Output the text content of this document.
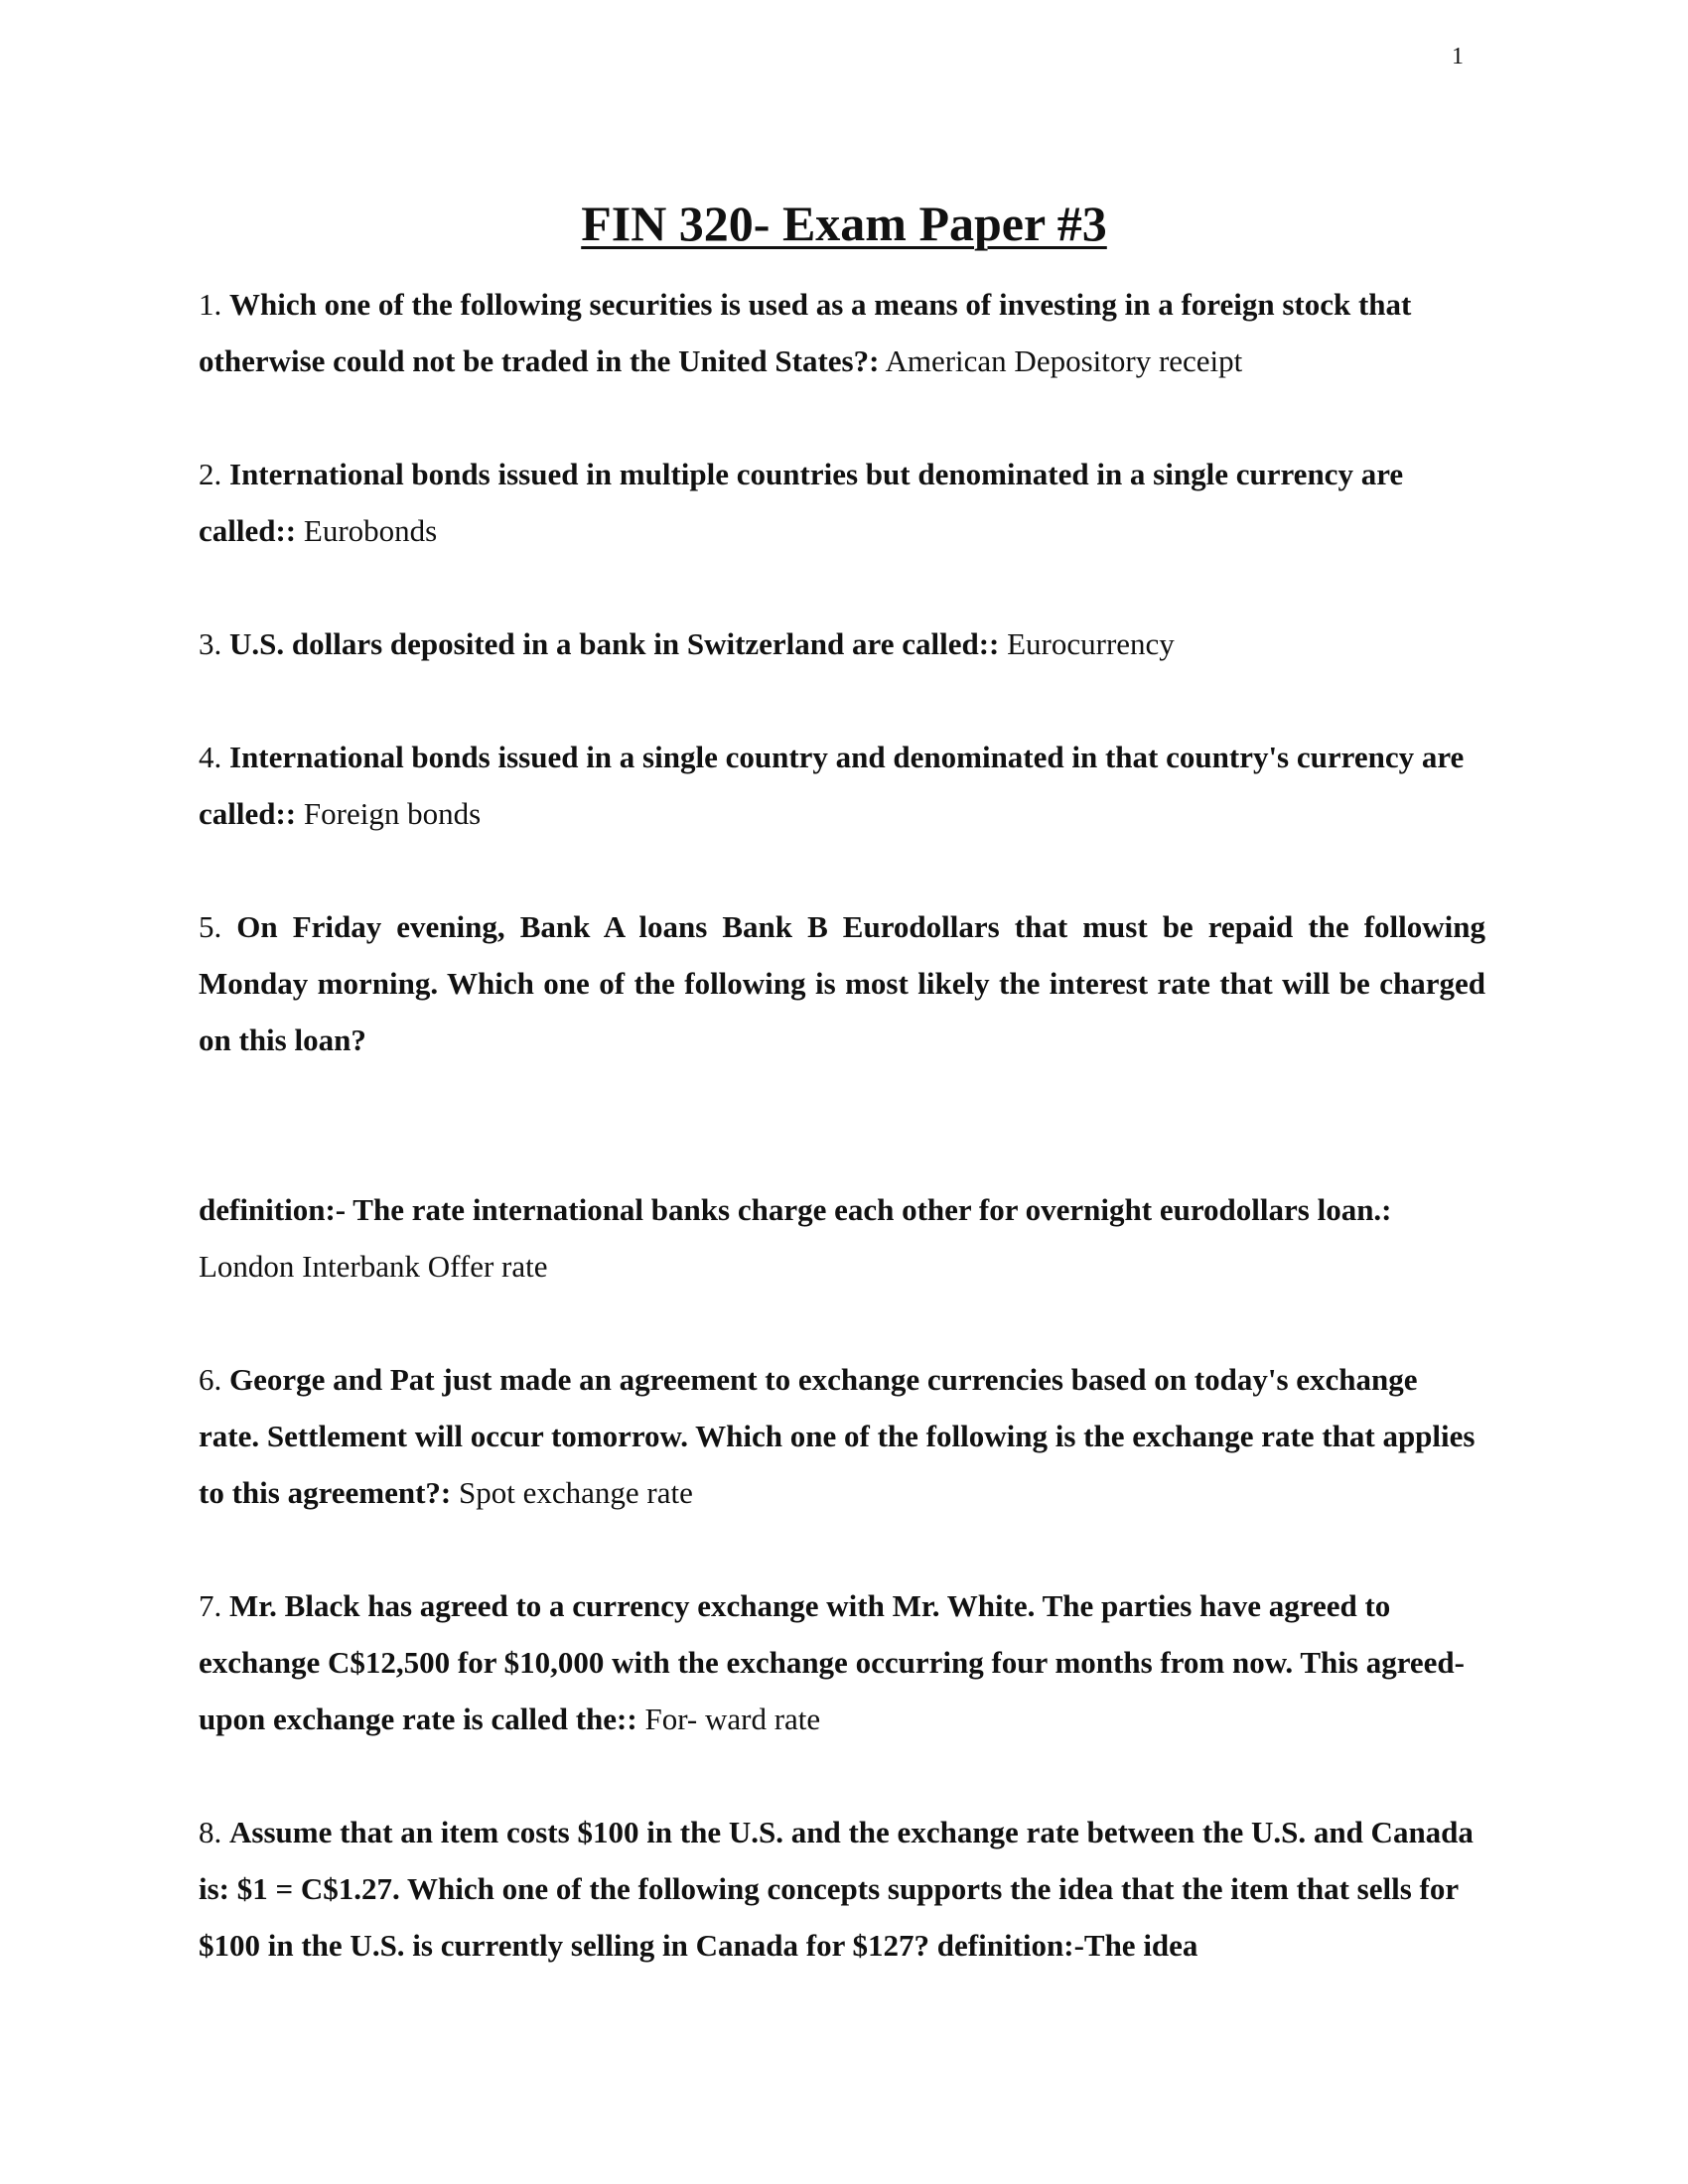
1
FIN 320- Exam Paper #3

1. Which one of the following securities is used as a means of investing in a foreign stock that otherwise could not be traded in the United States?: American Depository receipt

2. International bonds issued in multiple countries but denominated in a single currency are called:: Eurobonds

3. U.S. dollars deposited in a bank in Switzerland are called:: Eurocurrency

4. International bonds issued in a single country and denominated in that country's currency are called:: Foreign bonds

5. On Friday evening, Bank A loans Bank B Eurodollars that must be repaid the following Monday morning. Which one of the following is most likely the interest rate that will be charged on this loan?

definition:- The rate international banks charge each other for overnight eurodollars loan.: London Interbank Offer rate

6. George and Pat just made an agreement to exchange currencies based on today's exchange rate. Settlement will occur tomorrow. Which one of the following is the exchange rate that applies to this agreement?: Spot exchange rate

7. Mr. Black has agreed to a currency exchange with Mr. White. The parties have agreed to exchange C$12,500 for $10,000 with the exchange occurring four months from now. This agreed-upon exchange rate is called the:: For- ward rate

8. Assume that an item costs $100 in the U.S. and the exchange rate between the U.S. and Canada is: $1 = C$1.27. Which one of the following concepts supports the idea that the item that sells for $100 in the U.S. is currently selling in Canada for $127? definition:-The idea
